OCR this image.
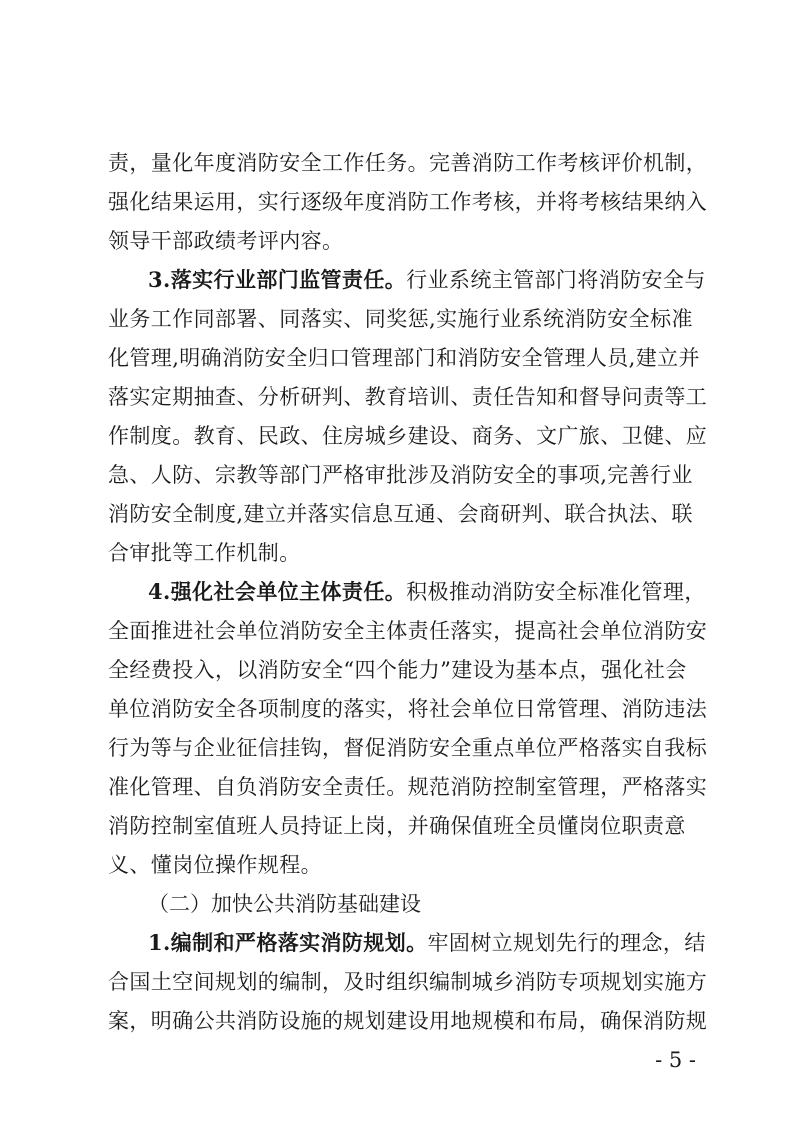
责，量化年度消防安全工作任务。完善消防工作考核评价机制，
强化结果运用，实行逐级年度消防工作考核，并将考核结果纳入
领导干部政绩考评内容。
3.落实行业部门监管责任。行业系统主管部门将消防安全与
业务工作同部署、同落实、同奖惩,实施行业系统消防安全标准
化管理,明确消防安全归口管理部门和消防安全管理人员,建立并
落实定期抽查、分析研判、教育培训、责任告知和督导问责等工
作制度。教育、民政、住房城乡建设、商务、文广旅、卫健、应
急、人防、宗教等部门严格审批涉及消防安全的事项,完善行业
消防安全制度,建立并落实信息互通、会商研判、联合执法、联
合审批等工作机制。
4.强化社会单位主体责任。积极推动消防安全标准化管理，
全面推进社会单位消防安全主体责任落实，提高社会单位消防安
全经费投入，以消防安全“四个能力”建设为基本点，强化社会
单位消防安全各项制度的落实，将社会单位日常管理、消防违法
行为等与企业征信挂钩，督促消防安全重点单位严格落实自我标
准化管理、自负消防安全责任。规范消防控制室管理，严格落实
消防控制室值班人员持证上岗，并确保值班全员懂岗位职责意
义、懂岗位操作规程。
（二）加快公共消防基础建设
1.编制和严格落实消防规划。牢固树立规划先行的理念，结
合国土空间规划的编制，及时组织编制城乡消防专项规划实施方
案，明确公共消防设施的规划建设用地规模和布局，确保消防规
- 5 -
